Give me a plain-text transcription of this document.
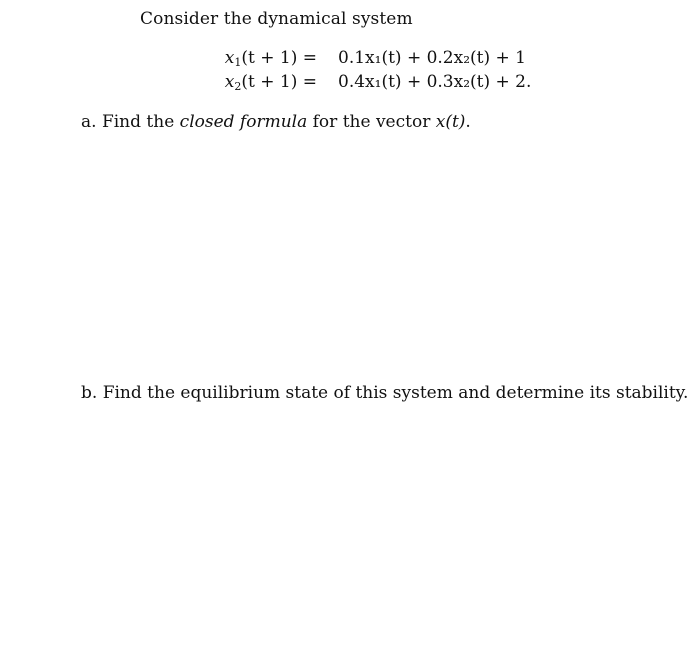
Consider the dynamical system
$x_1(t + 1) = 0.1x_1(t) + 0.2x_2(t) + 1$
$x_2(t + 1) = 0.4x_1(t) + 0.3x_2(t) + 2$.
a. Find the closed formula for the vector x(t).
b. Find the equilibrium state of this system and determine its stability.
